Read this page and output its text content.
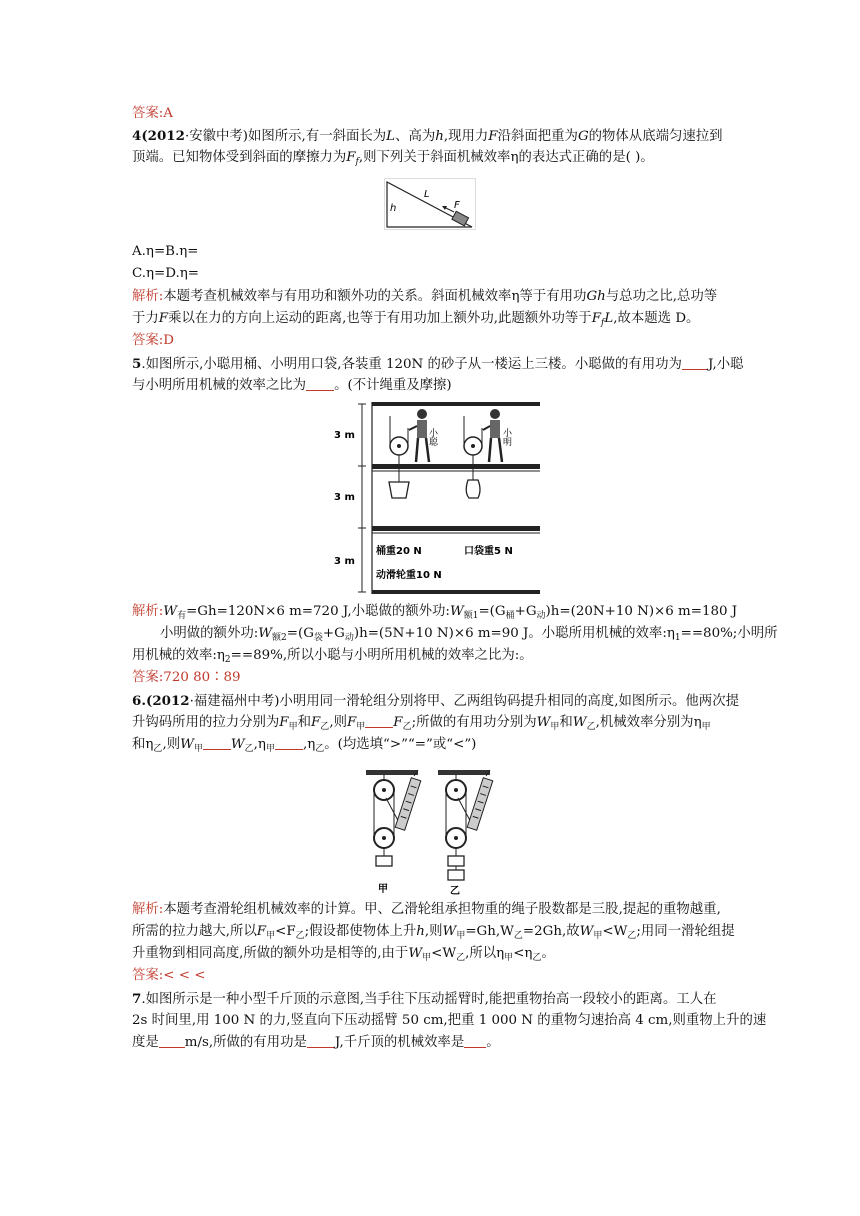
答案:A
4(2012·安徽中考)如图所示,有一斜面长为L、高为h,现用力F沿斜面把重为G的物体从底端匀速拉到
顶端。已知物体受到斜面的摩擦力为$F_f$,则下列关于斜面机械效率η的表达式正确的是( )。
h
L
F
A.η=B.η=
C.η=D.η=
解析:本题考查机械效率与有用功和额外功的关系。斜面机械效率η等于有用功Gh与总功之比,总功等
于力F乘以在力的方向上运动的距离,也等于有用功加上额外功,此题额外功等于$F_fL$,故本题选 D。
答案:D
5.如图所示,小聪用桶、小明用口袋,各装重 120N 的砂子从一楼运上三楼。小聪做的有用功为 J,小聪
与小明所用机械的效率之比为 。(不计绳重及摩擦)
3 m
3 m
3 m
小聪	小明
桶重20 N	口袋重5 N
动滑轮重10 N
解析$:W_有=Gh=120N\times 6$ m=720 J,小聪做的额外功$:W_{额1}=(G_桶+G_动)h=(20N+10$ N)×6 m=180 J
小明做的额外功$:W_{额2}=(G_袋+G_动)h=(5N+10$ N)×6 m=90 J。小聪所用机械的效率$:\eta_1==80\%$;小明所
用机械的效率$:\eta_2==89\%$,所以小聪与小明所用机械的效率之比为:。
答案:720 80∶89
6.(2012·福建福州中考)小明用同一滑轮组分别将甲、乙两组钩码提升相同的高度,如图所示。他两次提
升钩码所用的拉力分别为$F_甲$和$F_乙$,则$F_甲$ $F_乙$;所做的有用功分别为$W_甲$和$W_乙$,机械效率分别为$\eta_甲$
和$\eta_乙$,则$W_甲$ $W_乙,\eta_甲$ $,\eta_乙$。(均选填“>”“=”或“<”)
甲	乙
解析:本题考查滑轮组机械效率的计算。甲、乙滑轮组承担物重的绳子股数都是三股,提起的重物越重,
所需的拉力越大,所以$F_甲<F_乙$;假设都使物体上升h,则$W_甲=Gh,W_乙=2Gh$,故$W_甲<W_乙$;用同一滑轮组提
升重物到相同高度,所做的额外功是相等的,由于$W_甲<W_乙$,所以$\eta_甲<\eta_乙$。
答案:< < <
7.如图所示是一种小型千斤顶的示意图,当手往下压动摇臂时,能把重物抬高一段较小的距离。工人在
2s 时间里,用 100 N 的力,竖直向下压动摇臂 50 cm,把重 1 000 N 的重物匀速抬高 4 cm,则重物上升的速
度是 m/s,所做的有用功是 J,千斤顶的机械效率是 。
